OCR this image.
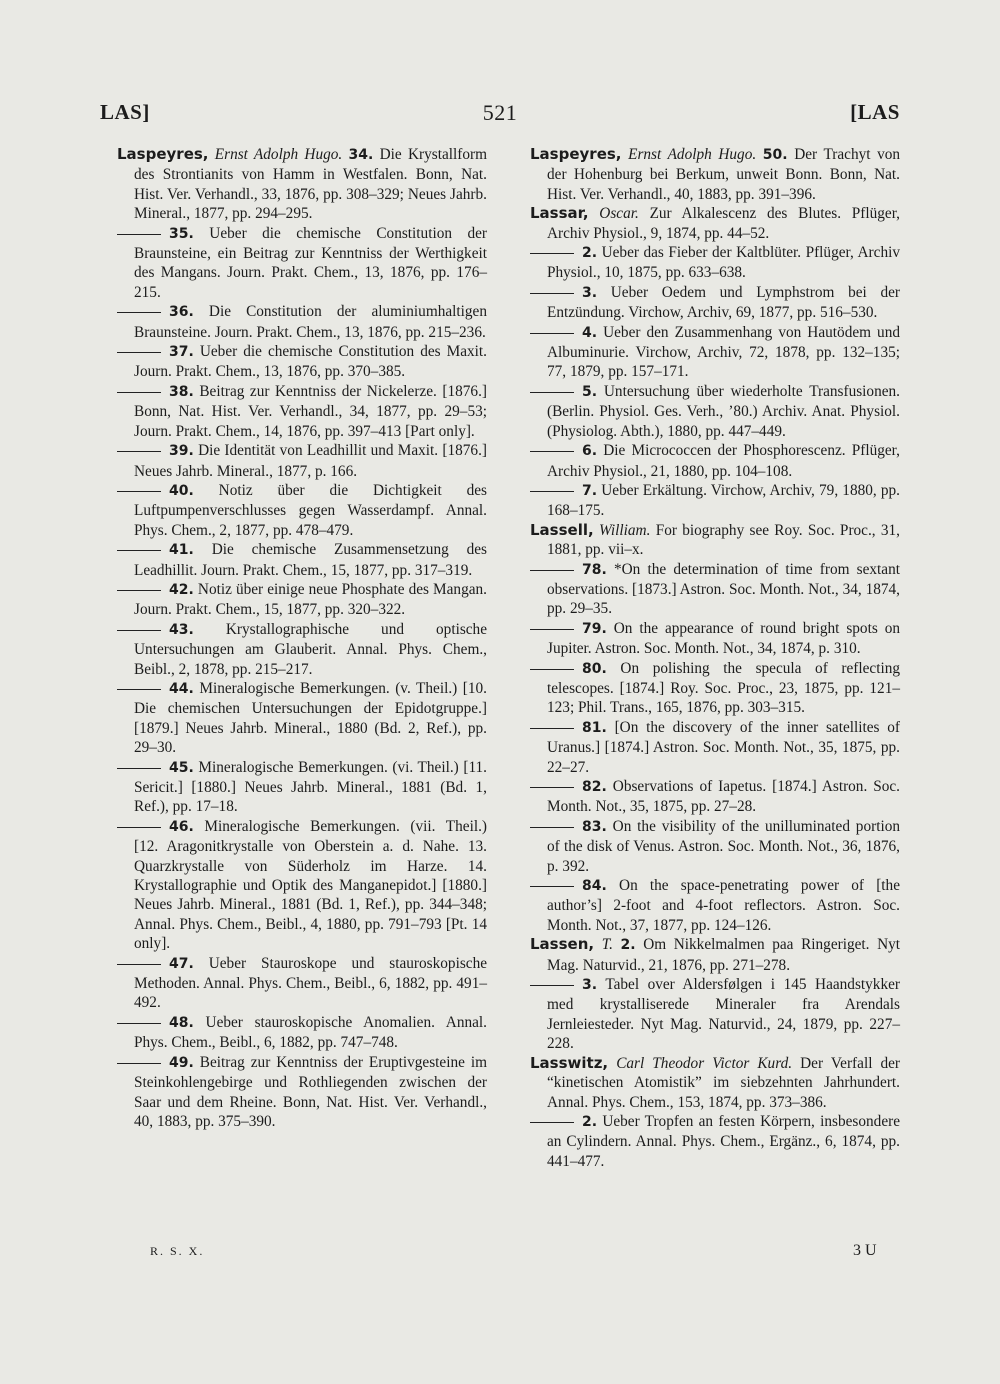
LAS]	521	[LAS

Laspeyres, Ernst Adolph Hugo. 34. Die Krystallform des Strontianits von Hamm in Westfalen. Bonn, Nat. Hist. Ver. Verhandl., 33, 1876, pp. 308–329; Neues Jahrb. Mineral., 1877, pp. 294–295.

35. Ueber die chemische Constitution der Braunsteine, ein Beitrag zur Kenntniss der Werthigkeit des Mangans. Journ. Prakt. Chem., 13, 1876, pp. 176–215.

36. Die Constitution der aluminiumhaltigen Braunsteine. Journ. Prakt. Chem., 13, 1876, pp. 215–236.

37. Ueber die chemische Constitution des Maxit. Journ. Prakt. Chem., 13, 1876, pp. 370–385.

38. Beitrag zur Kenntniss der Nickelerze. [1876.] Bonn, Nat. Hist. Ver. Verhandl., 34, 1877, pp. 29–53; Journ. Prakt. Chem., 14, 1876, pp. 397–413 [Part only].

39. Die Identität von Leadhillit und Maxit. [1876.] Neues Jahrb. Mineral., 1877, p. 166.

40. Notiz über die Dichtigkeit des Luftpumpenverschlusses gegen Wasserdampf. Annal. Phys. Chem., 2, 1877, pp. 478–479.

41. Die chemische Zusammensetzung des Leadhillit. Journ. Prakt. Chem., 15, 1877, pp. 317–319.

42. Notiz über einige neue Phosphate des Mangan. Journ. Prakt. Chem., 15, 1877, pp. 320–322.

43. Krystallographische und optische Untersuchungen am Glauberit. Annal. Phys. Chem., Beibl., 2, 1878, pp. 215–217.

44. Mineralogische Bemerkungen. (v. Theil.) [10. Die chemischen Untersuchungen der Epidotgruppe.] [1879.] Neues Jahrb. Mineral., 1880 (Bd. 2, Ref.), pp. 29–30.

45. Mineralogische Bemerkungen. (vi. Theil.) [11. Sericit.] [1880.] Neues Jahrb. Mineral., 1881 (Bd. 1, Ref.), pp. 17–18.

46. Mineralogische Bemerkungen. (vii. Theil.) [12. Aragonitkrystalle von Oberstein a. d. Nahe. 13. Quarzkrystalle von Süderholz im Harze. 14. Krystallographie und Optik des Manganepidot.] [1880.] Neues Jahrb. Mineral., 1881 (Bd. 1, Ref.), pp. 344–348; Annal. Phys. Chem., Beibl., 4, 1880, pp. 791–793 [Pt. 14 only].

47. Ueber Stauroskope und stauroskopische Methoden. Annal. Phys. Chem., Beibl., 6, 1882, pp. 491–492.

48. Ueber stauroskopische Anomalien. Annal. Phys. Chem., Beibl., 6, 1882, pp. 747–748.

49. Beitrag zur Kenntniss der Eruptivgesteine im Steinkohlengebirge und Rothliegenden zwischen der Saar und dem Rheine. Bonn, Nat. Hist. Ver. Verhandl., 40, 1883, pp. 375–390.

Laspeyres, Ernst Adolph Hugo. 50. Der Trachyt von der Hohenburg bei Berkum, unweit Bonn. Bonn, Nat. Hist. Ver. Verhandl., 40, 1883, pp. 391–396.

Lassar, Oscar. Zur Alkalescenz des Blutes. Pflüger, Archiv Physiol., 9, 1874, pp. 44–52.

2. Ueber das Fieber der Kaltblüter. Pflüger, Archiv Physiol., 10, 1875, pp. 633–638.

3. Ueber Oedem und Lymphstrom bei der Entzündung. Virchow, Archiv, 69, 1877, pp. 516–530.

4. Ueber den Zusammenhang von Hautödem und Albuminurie. Virchow, Archiv, 72, 1878, pp. 132–135; 77, 1879, pp. 157–171.

5. Untersuchung über wiederholte Transfusionen. (Berlin. Physiol. Ges. Verh., ’80.) Archiv. Anat. Physiol. (Physiolog. Abth.), 1880, pp. 447–449.

6. Die Micrococcen der Phosphorescenz. Pflüger, Archiv Physiol., 21, 1880, pp. 104–108.

7. Ueber Erkältung. Virchow, Archiv, 79, 1880, pp. 168–175.

Lassell, William. For biography see Roy. Soc. Proc., 31, 1881, pp. vii–x.

78. *On the determination of time from sextant observations. [1873.] Astron. Soc. Month. Not., 34, 1874, pp. 29–35.

79. On the appearance of round bright spots on Jupiter. Astron. Soc. Month. Not., 34, 1874, p. 310.

80. On polishing the specula of reflecting telescopes. [1874.] Roy. Soc. Proc., 23, 1875, pp. 121–123; Phil. Trans., 165, 1876, pp. 303–315.

81. [On the discovery of the inner satellites of Uranus.] [1874.] Astron. Soc. Month. Not., 35, 1875, pp. 22–27.

82. Observations of Iapetus. [1874.] Astron. Soc. Month. Not., 35, 1875, pp. 27–28.

83. On the visibility of the unilluminated portion of the disk of Venus. Astron. Soc. Month. Not., 36, 1876, p. 392.

84. On the space-penetrating power of [the author’s] 2-foot and 4-foot reflectors. Astron. Soc. Month. Not., 37, 1877, pp. 124–126.

Lassen, T. 2. Om Nikkelmalmen paa Ringeriget. Nyt Mag. Naturvid., 21, 1876, pp. 271–278.

3. Tabel over Aldersfølgen i 145 Haandstykker med krystalliserede Mineraler fra Arendals Jernleiesteder. Nyt Mag. Naturvid., 24, 1879, pp. 227–228.

Lasswitz, Carl Theodor Victor Kurd. Der Verfall der “kinetischen Atomistik” im siebzehnten Jahrhundert. Annal. Phys. Chem., 153, 1874, pp. 373–386.

2. Ueber Tropfen an festen Körpern, insbesondere an Cylindern. Annal. Phys. Chem., Ergänz., 6, 1874, pp. 441–477.

R. S. X.	3 U
